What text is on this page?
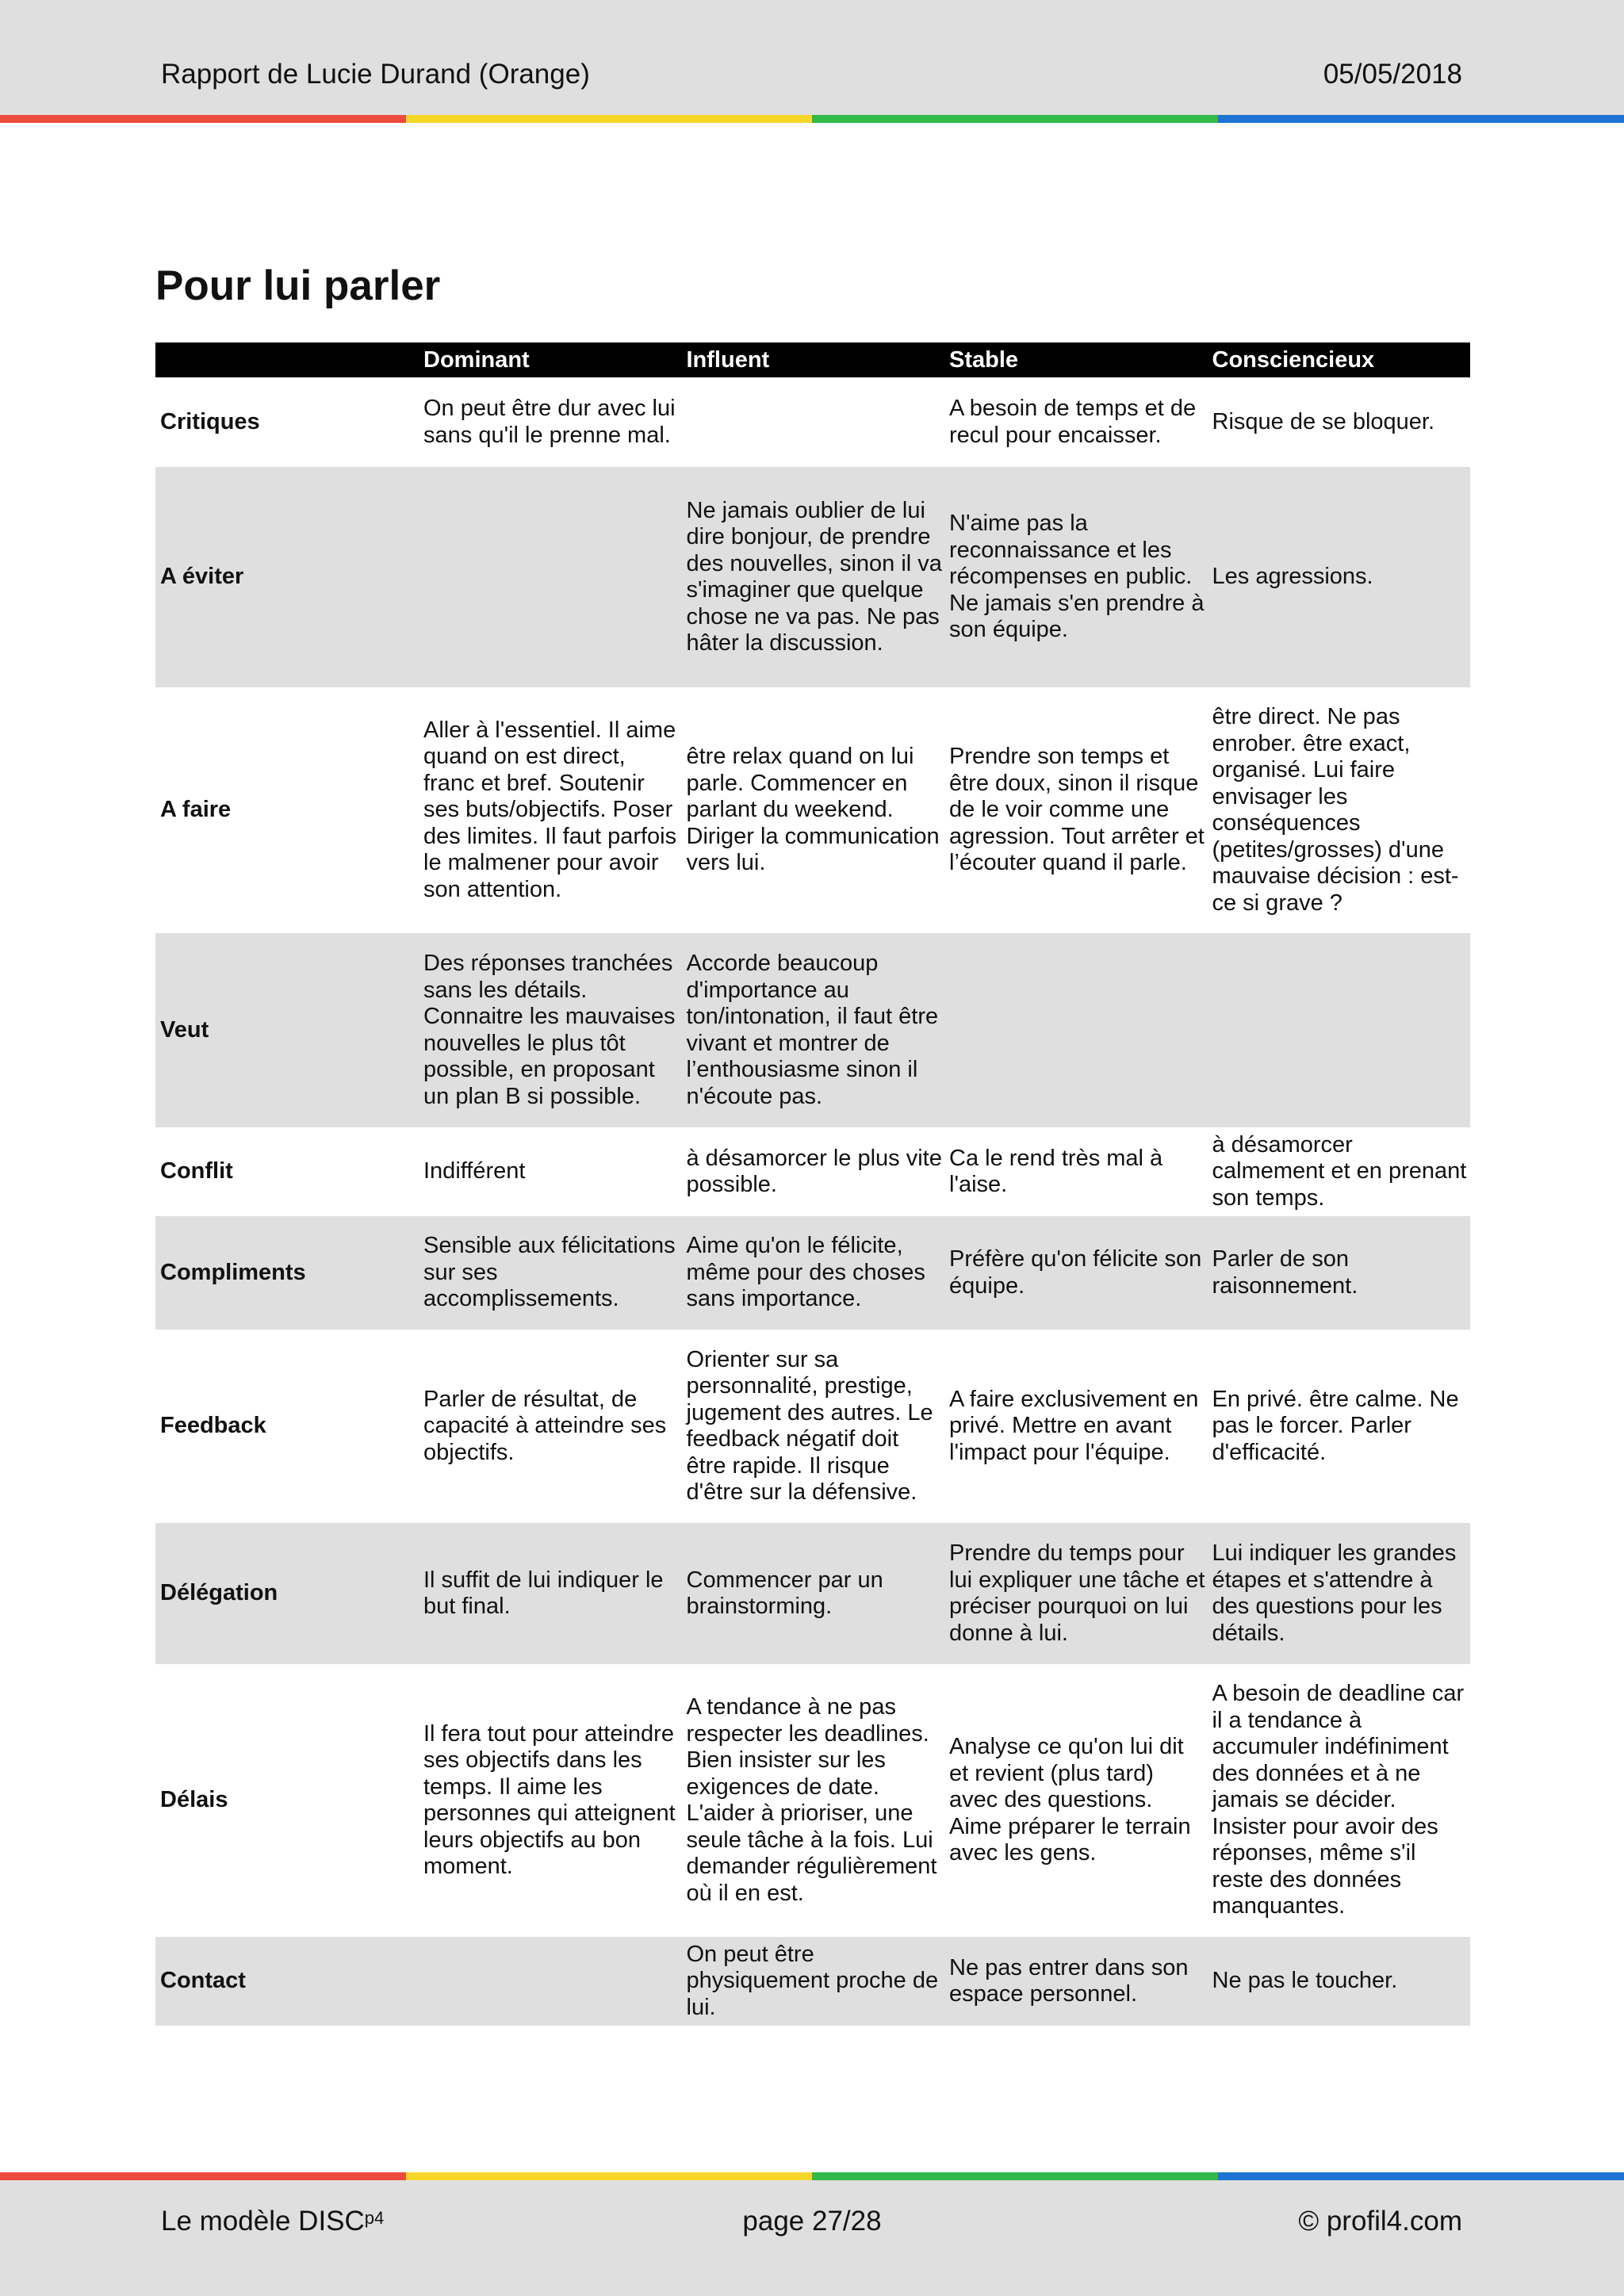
Rapport de Lucie Durand (Orange)	05/05/2018
Pour lui parler
	Dominant	Influent	Stable	Consciencieux
Critiques	On peut être dur avec lui sans qu'il le prenne mal.		A besoin de temps et de recul pour encaisser.	Risque de se bloquer.
A éviter		Ne jamais oublier de lui dire bonjour, de prendre des nouvelles, sinon il va s'imaginer que quelque chose ne va pas. Ne pas hâter la discussion.	N'aime pas la reconnaissance et les récompenses en public. Ne jamais s'en prendre à son équipe.	Les agressions.
A faire	Aller à l'essentiel. Il aime quand on est direct, franc et bref. Soutenir ses buts/objectifs. Poser des limites. Il faut parfois le malmener pour avoir son attention.	être relax quand on lui parle. Commencer en parlant du weekend. Diriger la communication vers lui.	Prendre son temps et être doux, sinon il risque de le voir comme une agression. Tout arrêter et l’écouter quand il parle.	être direct. Ne pas enrober. être exact, organisé. Lui faire envisager les conséquences (petites/grosses) d'une mauvaise décision : est-ce si grave ?
Veut	Des réponses tranchées sans les détails. Connaitre les mauvaises nouvelles le plus tôt possible, en proposant un plan B si possible.	Accorde beaucoup d'importance au ton/intonation, il faut être vivant et montrer de l’enthousiasme sinon il n'écoute pas.		
Conflit	Indifférent	à désamorcer le plus vite possible.	Ca le rend très mal à l'aise.	à désamorcer calmement et en prenant son temps.
Compliments	Sensible aux félicitations sur ses accomplissements.	Aime qu'on le félicite, même pour des choses sans importance.	Préfère qu'on félicite son équipe.	Parler de son raisonnement.
Feedback	Parler de résultat, de capacité à atteindre ses objectifs.	Orienter sur sa personnalité, prestige, jugement des autres. Le feedback négatif doit être rapide. Il risque d'être sur la défensive.	A faire exclusivement en privé. Mettre en avant l'impact pour l'équipe.	En privé. être calme. Ne pas le forcer. Parler d'efficacité.
Délégation	Il suffit de lui indiquer le but final.	Commencer par un brainstorming.	Prendre du temps pour lui expliquer une tâche et préciser pourquoi on lui donne à lui.	Lui indiquer les grandes étapes et s'attendre à des questions pour les détails.
Délais	Il fera tout pour atteindre ses objectifs dans les temps. Il aime les personnes qui atteignent leurs objectifs au bon moment.	A tendance à ne pas respecter les deadlines. Bien insister sur les exigences de date. L'aider à prioriser, une seule tâche à la fois. Lui demander régulièrement où il en est.	Analyse ce qu'on lui dit et revient (plus tard) avec des questions. Aime préparer le terrain avec les gens.	A besoin de deadline car il a tendance à accumuler indéfiniment des données et à ne jamais se décider. Insister pour avoir des réponses, même s'il reste des données manquantes.
Contact		On peut être physiquement proche de lui.	Ne pas entrer dans son espace personnel.	Ne pas le toucher.
Le modèle $DISC^{p4}$	page 27/28	© profil4.com
